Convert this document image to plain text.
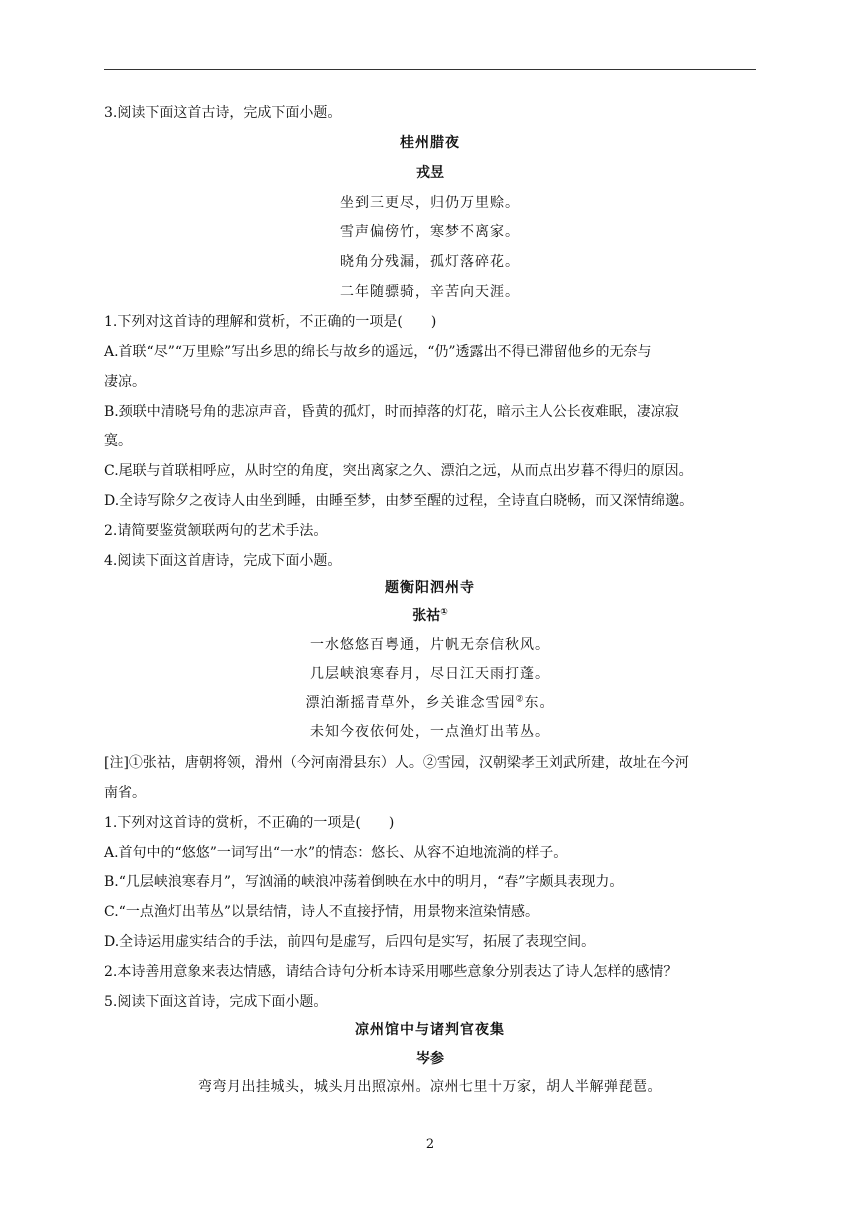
3.阅读下面这首古诗，完成下面小题。
桂州腊夜
戎昱
坐到三更尽，归仍万里赊。
雪声偏傍竹，寒梦不离家。
晓角分残漏，孤灯落碎花。
二年随骠骑，辛苦向天涯。
1.下列对这首诗的理解和赏析，不正确的一项是(　　)
A.首联“尽”“万里赊”写出乡思的绵长与故乡的遥远，“仍”透露出不得已滞留他乡的无奈与
凄凉。
B.颈联中清晓号角的悲凉声音，昏黄的孤灯，时而掉落的灯花，暗示主人公长夜难眠，凄凉寂
寞。
C.尾联与首联相呼应，从时空的角度，突出离家之久、漂泊之远，从而点出岁暮不得归的原因。
D.全诗写除夕之夜诗人由坐到睡，由睡至梦，由梦至醒的过程，全诗直白晓畅，而又深情绵邈。
2.请简要鉴赏颔联两句的艺术手法。
4.阅读下面这首唐诗，完成下面小题。
题衡阳泗州寺
张祜①
一水悠悠百粤通，片帆无奈信秋风。
几层峡浪寒春月，尽日江天雨打蓬。
漂泊渐摇青草外，乡关谁念雪园②东。
未知今夜依何处，一点渔灯出苇丛。
[注]①张祜，唐朝将领，滑州（今河南滑县东）人。②雪园，汉朝梁孝王刘武所建，故址在今河
南省。
1.下列对这首诗的赏析，不正确的一项是(　　)
A.首句中的“悠悠”一词写出“一水”的情态：悠长、从容不迫地流淌的样子。
B.“几层峡浪寒春月”，写汹涌的峡浪冲荡着倒映在水中的明月，“春”字颇具表现力。
C.“一点渔灯出苇丛”以景结情，诗人不直接抒情，用景物来渲染情感。
D.全诗运用虚实结合的手法，前四句是虚写，后四句是实写，拓展了表现空间。
2.本诗善用意象来表达情感，请结合诗句分析本诗采用哪些意象分别表达了诗人怎样的感情？
5.阅读下面这首诗，完成下面小题。
凉州馆中与诸判官夜集
岑参
弯弯月出挂城头，城头月出照凉州。凉州七里十万家，胡人半解弹琵琶。
2
